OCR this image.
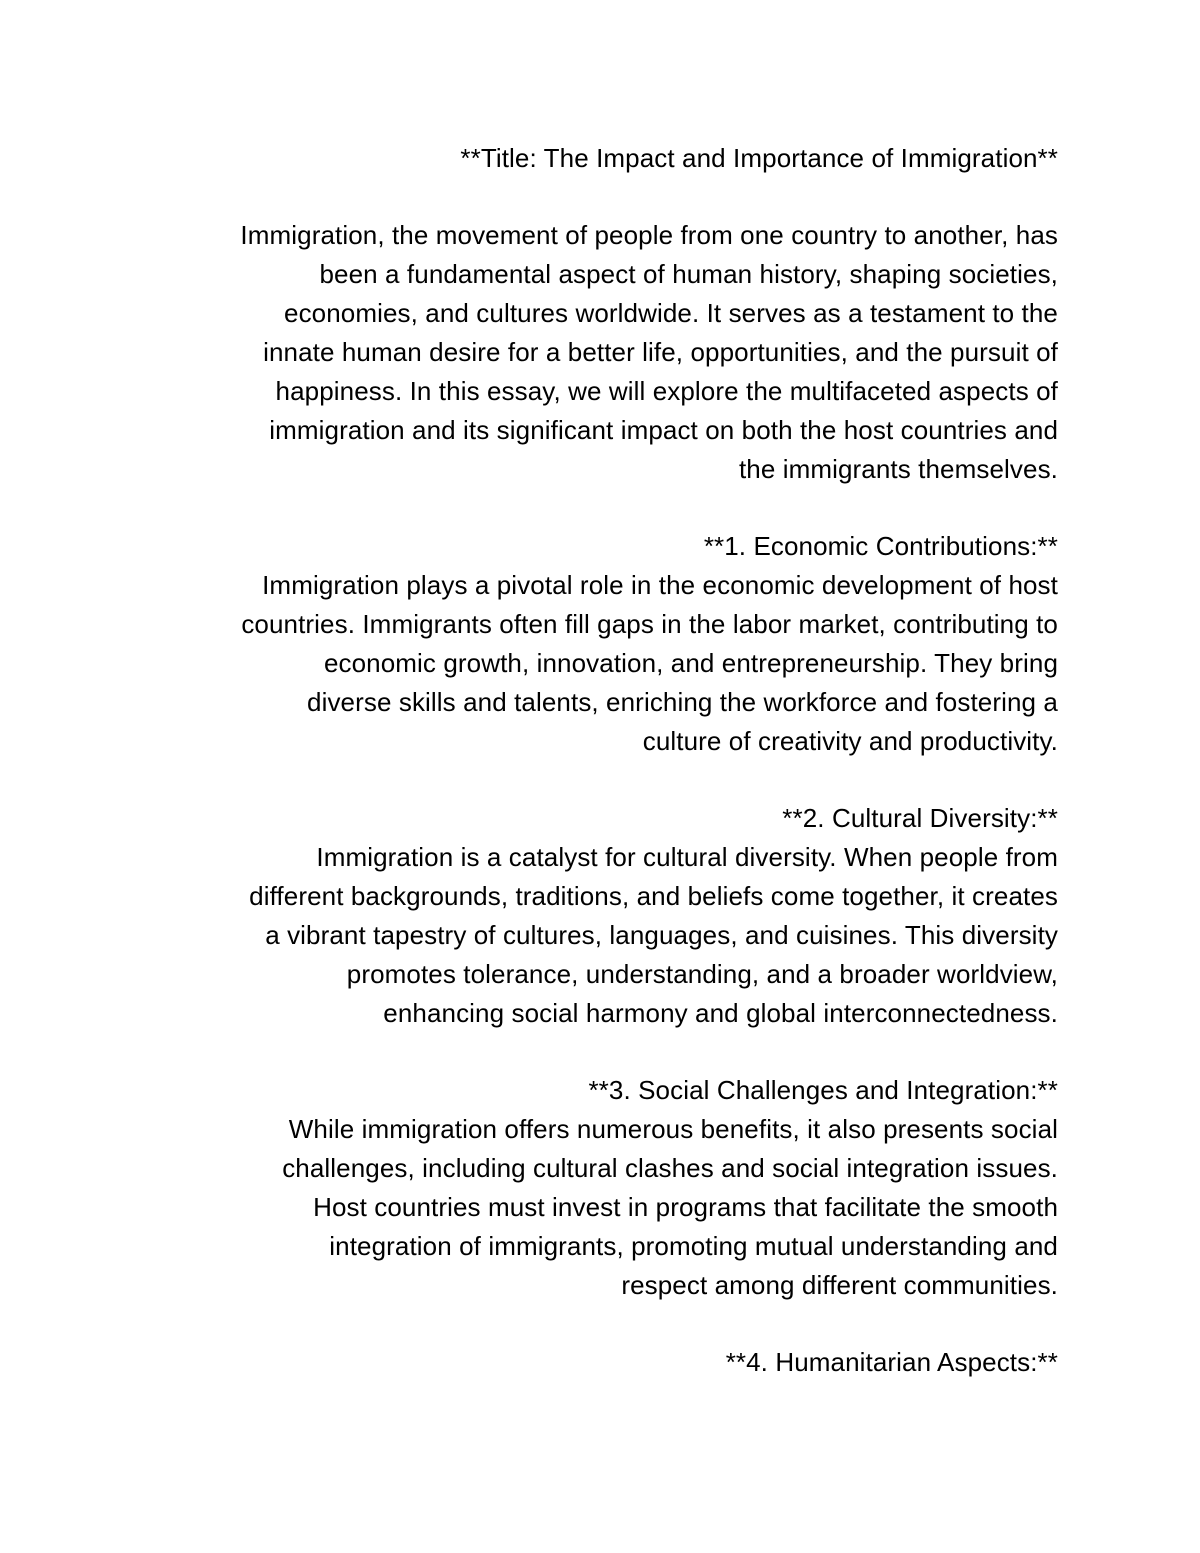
**Title: The Impact and Importance of Immigration**
Immigration, the movement of people from one country to another, has
been a fundamental aspect of human history, shaping societies,
economies, and cultures worldwide. It serves as a testament to the
innate human desire for a better life, opportunities, and the pursuit of
happiness. In this essay, we will explore the multifaceted aspects of
immigration and its significant impact on both the host countries and
the immigrants themselves.
**1. Economic Contributions:**
Immigration plays a pivotal role in the economic development of host
countries. Immigrants often fill gaps in the labor market, contributing to
economic growth, innovation, and entrepreneurship. They bring
diverse skills and talents, enriching the workforce and fostering a
culture of creativity and productivity.
**2. Cultural Diversity:**
Immigration is a catalyst for cultural diversity. When people from
different backgrounds, traditions, and beliefs come together, it creates
a vibrant tapestry of cultures, languages, and cuisines. This diversity
promotes tolerance, understanding, and a broader worldview,
enhancing social harmony and global interconnectedness.
**3. Social Challenges and Integration:**
While immigration offers numerous benefits, it also presents social
challenges, including cultural clashes and social integration issues.
Host countries must invest in programs that facilitate the smooth
integration of immigrants, promoting mutual understanding and
respect among different communities.
**4. Humanitarian Aspects:**
